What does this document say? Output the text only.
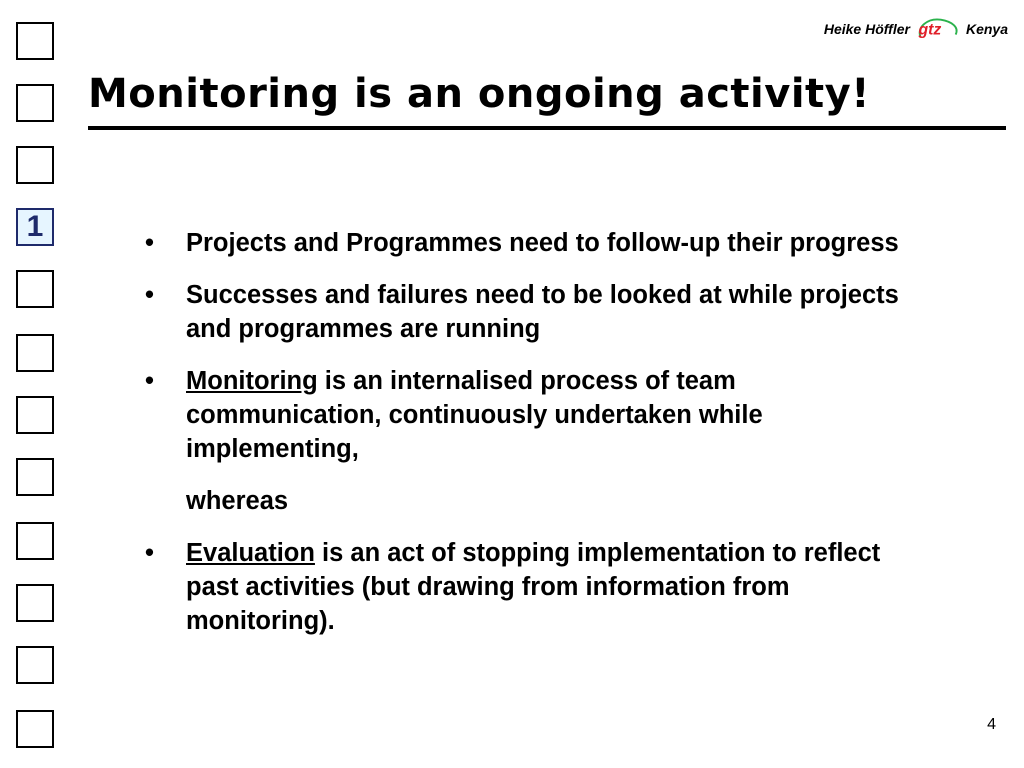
1
Heike Höffler gtz Kenya
Monitoring is an ongoing activity!
• Projects and Programmes need to follow-up their progress
• Successes and failures need to be looked at while projects and programmes are running
• Monitoring is an internalised process of team communication, continuously undertaken while implementing,
whereas
• Evaluation is an act of stopping implementation to reflect past activities (but drawing from information from monitoring).
4
